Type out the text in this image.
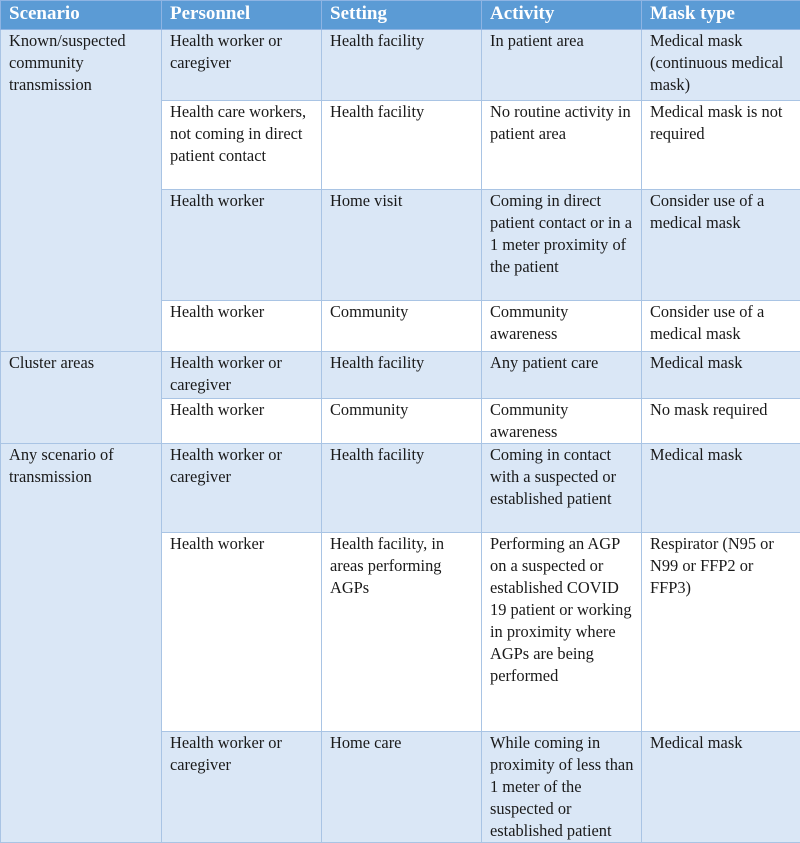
Scenario	Personnel	Setting	Activity	Mask type
Known/suspected community transmission	Health worker or caregiver	Health facility	In patient area	Medical mask (continuous medical mask)
	Health care workers, not coming in direct patient contact	Health facility	No routine activity in patient area	Medical mask is not required
	Health worker	Home visit	Coming in direct patient contact or in a 1 meter proximity of the patient	Consider use of a medical mask
	Health worker	Community	Community awareness	Consider use of a medical mask
Cluster areas	Health worker or caregiver	Health facility	Any patient care	Medical mask
	Health worker	Community	Community awareness	No mask required
Any scenario of transmission	Health worker or caregiver	Health facility	Coming in contact with a suspected or established patient	Medical mask
	Health worker	Health facility, in areas performing AGPs	Performing an AGP on a suspected or established COVID 19 patient or working in proximity where AGPs are being performed	Respirator (N95 or N99 or FFP2 or FFP3)
	Health worker or caregiver	Home care	While coming in proximity of less than 1 meter of the suspected or established patient	Medical mask
